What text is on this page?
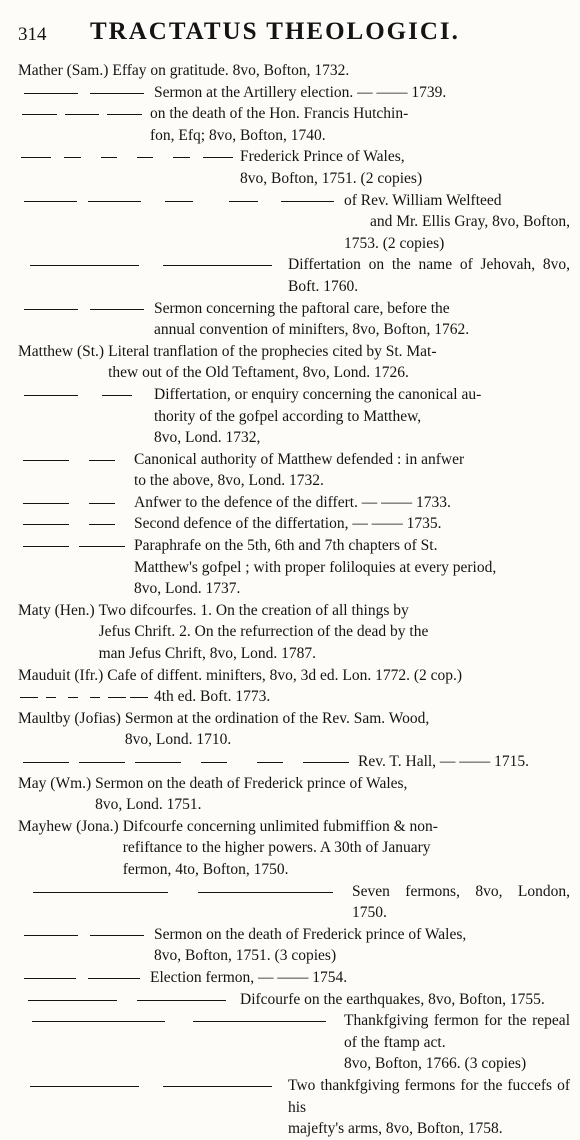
314 TRACTATUS THEOLOGICI.
Mather (Sam.) Effay on gratitude. 8vo, Bofton, 1732.
Sermon at the Artillery election. — —— 1739.
on the death of the Hon. Francis Hutchin-
fon, Efq; 8vo, Bofton, 1740.
Frederick Prince of Wales,
8vo, Bofton, 1751. (2 copies)
of Rev. William Welfteed
and Mr. Ellis Gray, 8vo, Bofton, 1753. (2 copies)
Differtation on the name of Jehovah, 8vo, Boft. 1760.
Sermon concerning the paftoral care, before the
annual convention of minifters, 8vo, Bofton, 1762.
Matthew (St.) Literal tranflation of the prophecies cited by St. Mat-
thew out of the Old Teftament, 8vo, Lond. 1726.
Differtation, or enquiry concerning the canonical au-
thority of the gofpel according to Matthew,
8vo, Lond. 1732,
Canonical authority of Matthew defended : in anfwer
to the above, 8vo, Lond. 1732.
Anfwer to the defence of the differt. — —— 1733.
Second defence of the differtation, — —— 1735.
Paraphrafe on the 5th, 6th and 7th chapters of St.
Matthew's gofpel ; with proper foliloquies at every period,
8vo, Lond. 1737.
Maty (Hen.) Two difcourfes. 1. On the creation of all things by
Jefus Chrift. 2. On the refurrection of the dead by the
man Jefus Chrift, 8vo, Lond. 1787.
Mauduit (Ifr.) Cafe of diffent. minifters, 8vo, 3d ed. Lon. 1772. (2 cop.)
4th ed. Boft. 1773.
Maultby (Jofias) Sermon at the ordination of the Rev. Sam. Wood,
8vo, Lond. 1710.
Rev. T. Hall, — —— 1715.
May (Wm.) Sermon on the death of Frederick prince of Wales,
8vo, Lond. 1751.
Mayhew (Jona.) Difcourfe concerning unlimited fubmiffion & non-
refiftance to the higher powers. A 30th of January
fermon, 4to, Bofton, 1750.
Seven fermons, 8vo, London, 1750.
Sermon on the death of Frederick prince of Wales,
8vo, Bofton, 1751. (3 copies)
Election fermon, — —— 1754.
Difcourfe on the earthquakes, 8vo, Bofton, 1755.
Thankfgiving fermon for the repeal of the ftamp act.
8vo, Bofton, 1766. (3 copies)
Two thankfgiving fermons for the fuccefs of his
majefty's arms, 8vo, Bofton, 1758.
